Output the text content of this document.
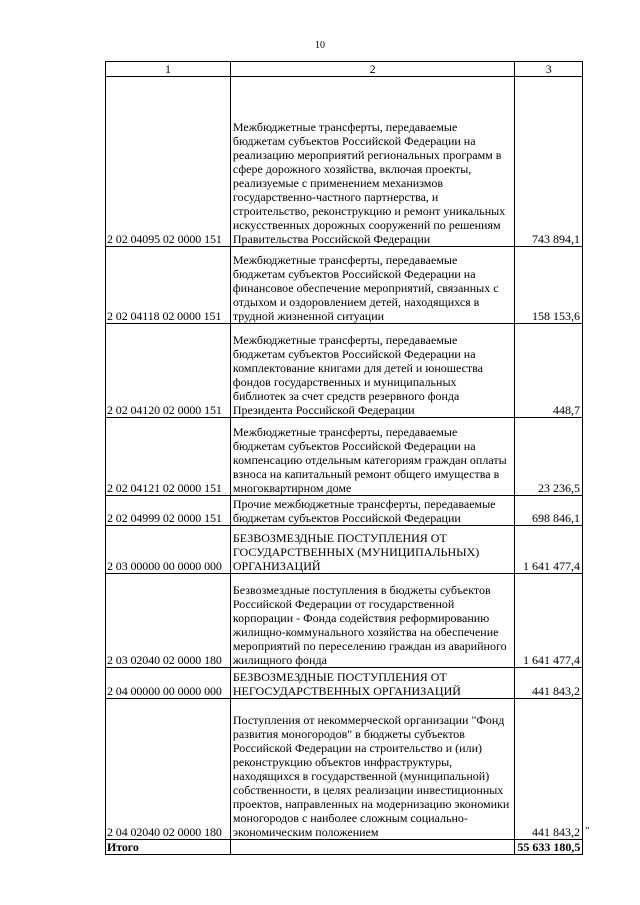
10
1	2	3
2 02 04095 02 0000 151	Межбюджетные трансферты, передаваемые бюджетам субъектов Российской Федерации на реализацию мероприятий региональных программ в сфере дорожного хозяйства, включая проекты, реализуемые с применением механизмов государственно-частного партнерства, и строительство, реконструкцию и ремонт уникальных искусственных дорожных сооружений по решениям Правительства Российской Федерации	743 894,1
2 02 04118 02 0000 151	Межбюджетные трансферты, передаваемые бюджетам субъектов Российской Федерации на финансовое обеспечение мероприятий, связанных с отдыхом и оздоровлением детей, находящихся в трудной жизненной ситуации	158 153,6
2 02 04120 02 0000 151	Межбюджетные трансферты, передаваемые бюджетам субъектов Российской Федерации на комплектование книгами для детей и юношества фондов государственных и муниципальных библиотек за счет средств резервного фонда Президента Российской Федерации	448,7
2 02 04121 02 0000 151	Межбюджетные трансферты, передаваемые бюджетам субъектов Российской Федерации на компенсацию отдельным категориям граждан оплаты взноса на капитальный ремонт общего имущества в многоквартирном доме	23 236,5
2 02 04999 02 0000 151	Прочие межбюджетные трансферты, передаваемые бюджетам субъектов Российской Федерации	698 846,1
2 03 00000 00 0000 000	БЕЗВОЗМЕЗДНЫЕ ПОСТУПЛЕНИЯ ОТ ГОСУДАРСТВЕННЫХ (МУНИЦИПАЛЬНЫХ) ОРГАНИЗАЦИЙ	1 641 477,4
2 03 02040 02 0000 180	Безвозмездные поступления в бюджеты субъектов Российской Федерации от государственной корпорации - Фонда содействия реформированию жилищно-коммунального хозяйства на обеспечение мероприятий по переселению граждан из аварийного жилищного фонда	1 641 477,4
2 04 00000 00 0000 000	БЕЗВОЗМЕЗДНЫЕ ПОСТУПЛЕНИЯ ОТ НЕГОСУДАРСТВЕННЫХ ОРГАНИЗАЦИЙ	441 843,2
2 04 02040 02 0000 180	Поступления от некоммерческой организации "Фонд развития моногородов" в бюджеты субъектов Российской Федерации на строительство и (или) реконструкцию объектов инфраструктуры, находящихся в государственной (муниципальной) собственности, в целях реализации инвестиционных проектов, направленных на модернизацию экономики моногородов с наиболее сложным социально-экономическим положением	441 843,2
Итого		55 633 180,5
"
